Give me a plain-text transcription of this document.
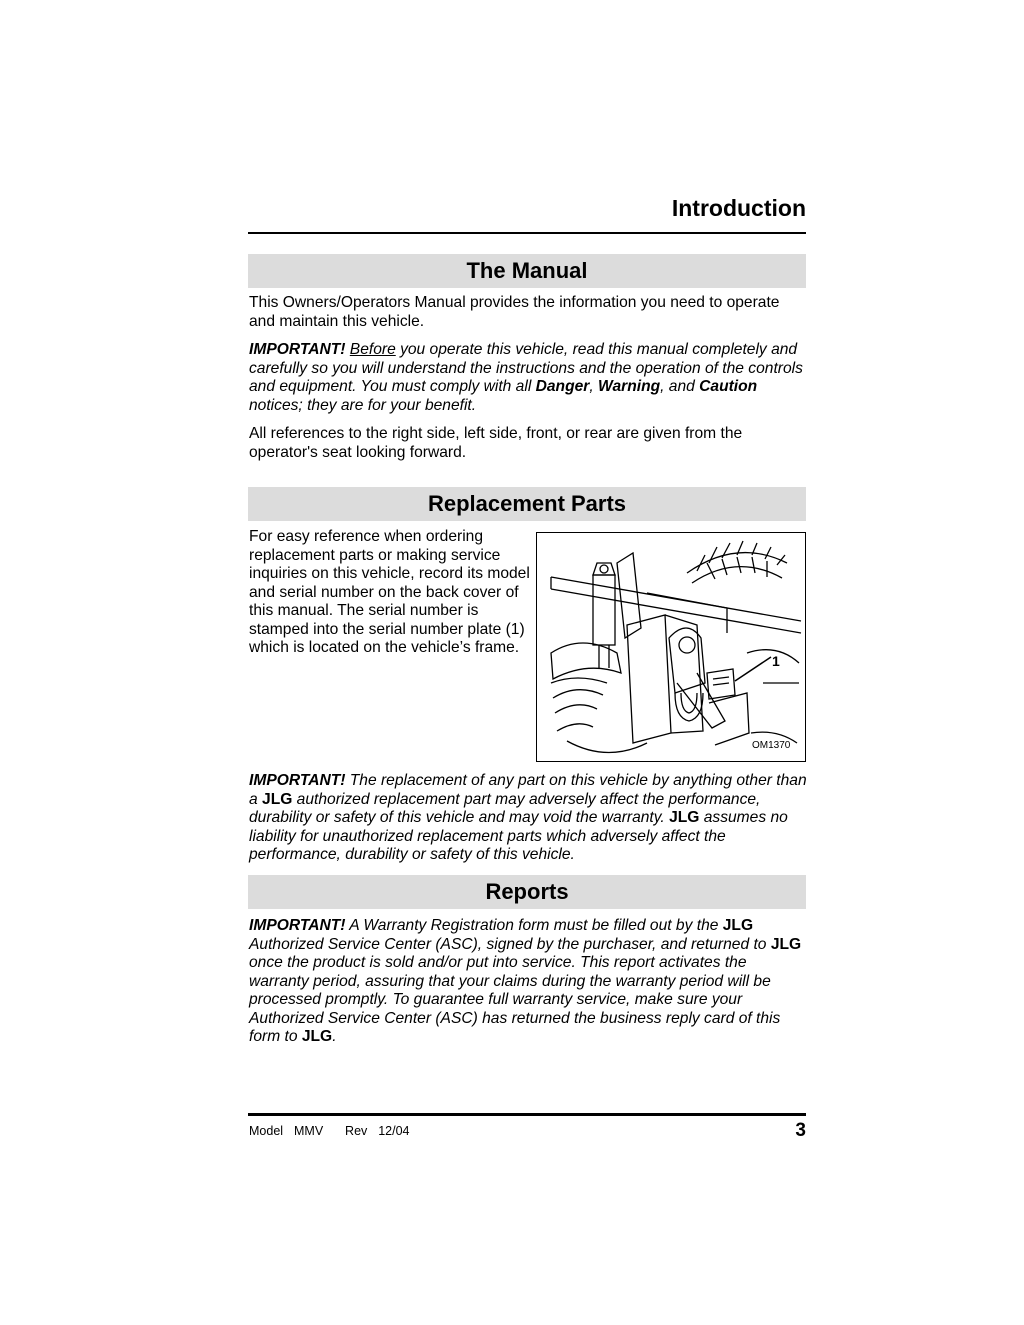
Introduction
The Manual

This Owners/Operators Manual provides the information you need to operate and maintain this vehicle.

IMPORTANT! Before you operate this vehicle, read this manual completely and carefully so you will understand the instructions and the operation of the controls and equipment. You must comply with all Danger, Warning, and Caution notices; they are for your benefit.

All references to the right side, left side, front, or rear are given from the operator's seat looking forward.

Replacement Parts

For easy reference when ordering replacement parts or making service inquiries on this vehicle, record its model and serial number on the back cover of this manual. The serial number is stamped into the serial number plate (1) which is located on the vehicle’s frame.

1
OM1370

IMPORTANT! The replacement of any part on this vehicle by anything other than a JLG authorized replacement part may adversely affect the performance, durability or safety of this vehicle and may void the warranty. JLG assumes no liability for unauthorized replacement parts which adversely affect the performance, durability or safety of this vehicle.

Reports

IMPORTANT! A Warranty Registration form must be filled out by the JLG Authorized Service Center (ASC), signed by the purchaser, and returned to JLG once the product is sold and/or put into service. This report activates the warranty period, assuring that your claims during the warranty period will be processed promptly. To guarantee full warranty service, make sure your Authorized Service Center (ASC) has returned the business reply card of this form to JLG.

Model  MMV    Rev  12/04	3
